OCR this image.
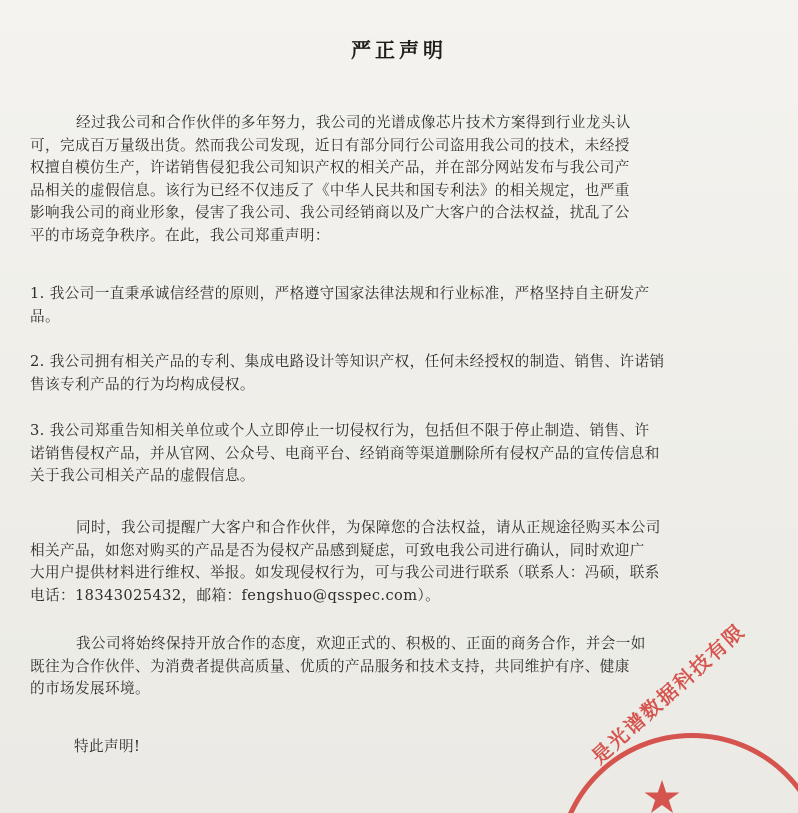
严正声明
经过我公司和合作伙伴的多年努力，我公司的光谱成像芯片技术方案得到行业龙头认
可，完成百万量级出货。然而我公司发现，近日有部分同行公司盗用我公司的技术，未经授
权擅自模仿生产，许诺销售侵犯我公司知识产权的相关产品，并在部分网站发布与我公司产
品相关的虚假信息。该行为已经不仅违反了《中华人民共和国专利法》的相关规定，也严重
影响我公司的商业形象，侵害了我公司、我公司经销商以及广大客户的合法权益，扰乱了公
平的市场竞争秩序。在此，我公司郑重声明：
1. 我公司一直秉承诚信经营的原则，严格遵守国家法律法规和行业标准，严格坚持自主研发产
品。
2. 我公司拥有相关产品的专利、集成电路设计等知识产权，任何未经授权的制造、销售、许诺销
售该专利产品的行为均构成侵权。
3. 我公司郑重告知相关单位或个人立即停止一切侵权行为，包括但不限于停止制造、销售、许
诺销售侵权产品，并从官网、公众号、电商平台、经销商等渠道删除所有侵权产品的宣传信息和
关于我公司相关产品的虚假信息。
同时，我公司提醒广大客户和合作伙伴，为保障您的合法权益，请从正规途径购买本公司
相关产品，如您对购买的产品是否为侵权产品感到疑虑，可致电我公司进行确认，同时欢迎广
大用户提供材料进行维权、举报。如发现侵权行为，可与我公司进行联系（联系人：冯硕，联系
电话：18343025432，邮箱：fengshuo@qsspec.com）。
我公司将始终保持开放合作的态度，欢迎正式的、积极的、正面的商务合作，并会一如
既往为合作伙伴、为消费者提供高质量、优质的产品服务和技术支持，共同维护有序、健康
的市场发展环境。
特此声明!	是光谱数据科技有限
